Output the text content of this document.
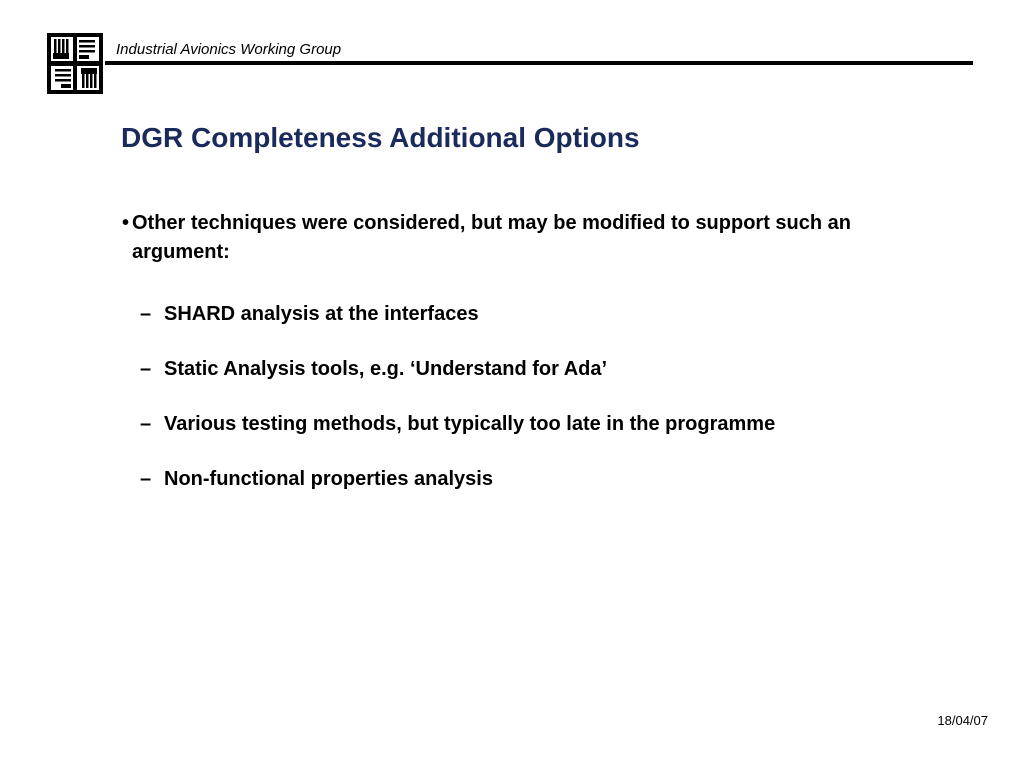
Industrial Avionics Working Group
DGR Completeness Additional Options
• Other techniques were considered, but may be modified to support such an argument:
– SHARD analysis at the interfaces
– Static Analysis tools, e.g. ‘Understand for Ada’
– Various testing methods, but typically too late in the programme
– Non-functional properties analysis
18/04/07
